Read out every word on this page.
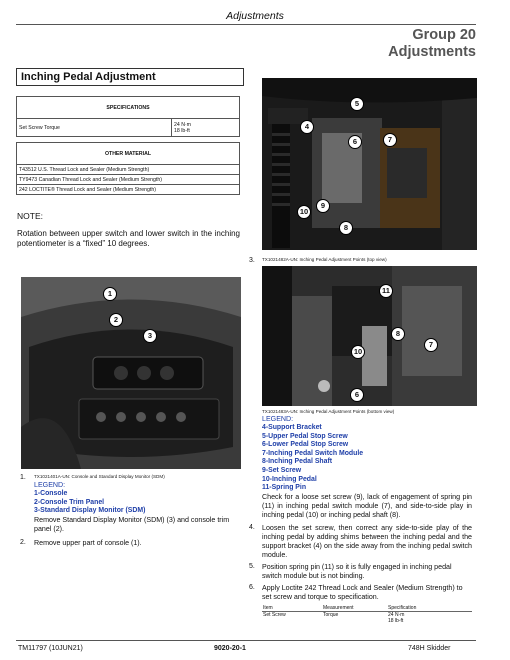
Adjustments
Group 20
Adjustments
Inching Pedal Adjustment
SPECIFICATIONS
Set Screw Torque	24 N·m
18 lb-ft
OTHER MATERIAL
T43512 U.S. Thread Lock and Sealer (Medium Strength)
TY9473 Canadian Thread Lock and Sealer (Medium Strength)
242 LOCTITE® Thread Lock and Sealer (Medium Strength)
NOTE:
Rotation between upper switch and lower switch in the inching potentiometer is a “fixed” 10 degrees.
1
2
3
TX1021401A-UN: Console and Standard Display Monitor (SDM)
1.
LEGEND:
1-Console
2-Console Trim Panel
3-Standard Display Monitor (SDM)
Remove Standard Display Monitor (SDM) (3) and console trim panel (2).
2. Remove upper part of console (1).
5
4
6	7
9
10
8
3. TX1021482A-UN: Inching Pedal Adjustment Points (top view)
11
8
7
10
6
TX1021483A-UN: Inching Pedal Adjustment Points (bottom view)
LEGEND:
4-Support Bracket
5-Upper Pedal Stop Screw
6-Lower Pedal Stop Screw
7-Inching Pedal Switch Module
8-Inching Pedal Shaft
9-Set Screw
10-Inching Pedal
11-Spring Pin
Check for a loose set screw (9), lack of engagement of spring pin (11) in inching pedal switch module (7), and side-to-side play in inching pedal (10) or inching pedal shaft (8).
4. Loosen the set screw, then correct any side-to-side play of the inching pedal by adding shims between the inching pedal and the support bracket (4) on the side away from the inching pedal switch module.
5. Position spring pin (11) so it is fully engaged in inching pedal switch module but is not binding.
6. Apply Loctite 242 Thread Lock and Sealer (Medium Strength) to set screw and torque to specification.
Item	Measurement	Specification
Set Screw	Torque	24 N·m
18 lb-ft
TM11797 (10JUN21)	9020-20-1	748H Skidder
